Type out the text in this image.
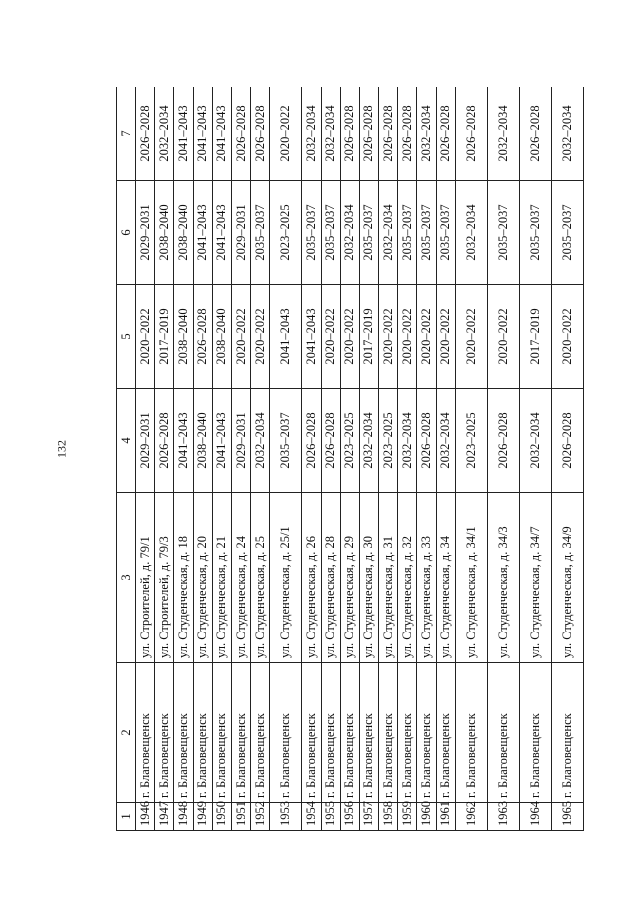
132
1	2	3	4	5	6	7
1946	г. Благовещенск	ул. Строителей, д. 79/1	2029–2031	2020–2022	2029–2031	2026–2028
1947	г. Благовещенск	ул. Строителей, д. 79/3	2026–2028	2017–2019	2038–2040	2032–2034
1948	г. Благовещенск	ул. Студенческая, д. 18	2041–2043	2038–2040	2038–2040	2041–2043
1949	г. Благовещенск	ул. Студенческая, д. 20	2038–2040	2026–2028	2041–2043	2041–2043
1950	г. Благовещенск	ул. Студенческая, д. 21	2041–2043	2038–2040	2041–2043	2041–2043
1951	г. Благовещенск	ул. Студенческая, д. 24	2029–2031	2020–2022	2029–2031	2026–2028
1952	г. Благовещенск	ул. Студенческая, д. 25	2032–2034	2020–2022	2035–2037	2026–2028
1953	г. Благовещенск	ул. Студенческая, д. 25/1	2035–2037	2041–2043	2023–2025	2020–2022
1954	г. Благовещенск	ул. Студенческая, д. 26	2026–2028	2041–2043	2035–2037	2032–2034
1955	г. Благовещенск	ул. Студенческая, д. 28	2026–2028	2020–2022	2035–2037	2032–2034
1956	г. Благовещенск	ул. Студенческая, д. 29	2023–2025	2020–2022	2032–2034	2026–2028
1957	г. Благовещенск	ул. Студенческая, д. 30	2032–2034	2017–2019	2035–2037	2026–2028
1958	г. Благовещенск	ул. Студенческая, д. 31	2023–2025	2020–2022	2032–2034	2026–2028
1959	г. Благовещенск	ул. Студенческая, д. 32	2032–2034	2020–2022	2035–2037	2026–2028
1960	г. Благовещенск	ул. Студенческая, д. 33	2026–2028	2020–2022	2035–2037	2032–2034
1961	г. Благовещенск	ул. Студенческая, д. 34	2032–2034	2020–2022	2035–2037	2026–2028
1962	г. Благовещенск	ул. Студенческая, д. 34/1	2023–2025	2020–2022	2032–2034	2026–2028
1963	г. Благовещенск	ул. Студенческая, д. 34/3	2026–2028	2020–2022	2035–2037	2032–2034
1964	г. Благовещенск	ул. Студенческая, д. 34/7	2032–2034	2017–2019	2035–2037	2026–2028
1965	г. Благовещенск	ул. Студенческая, д. 34/9	2026–2028	2020–2022	2035–2037	2032–2034
